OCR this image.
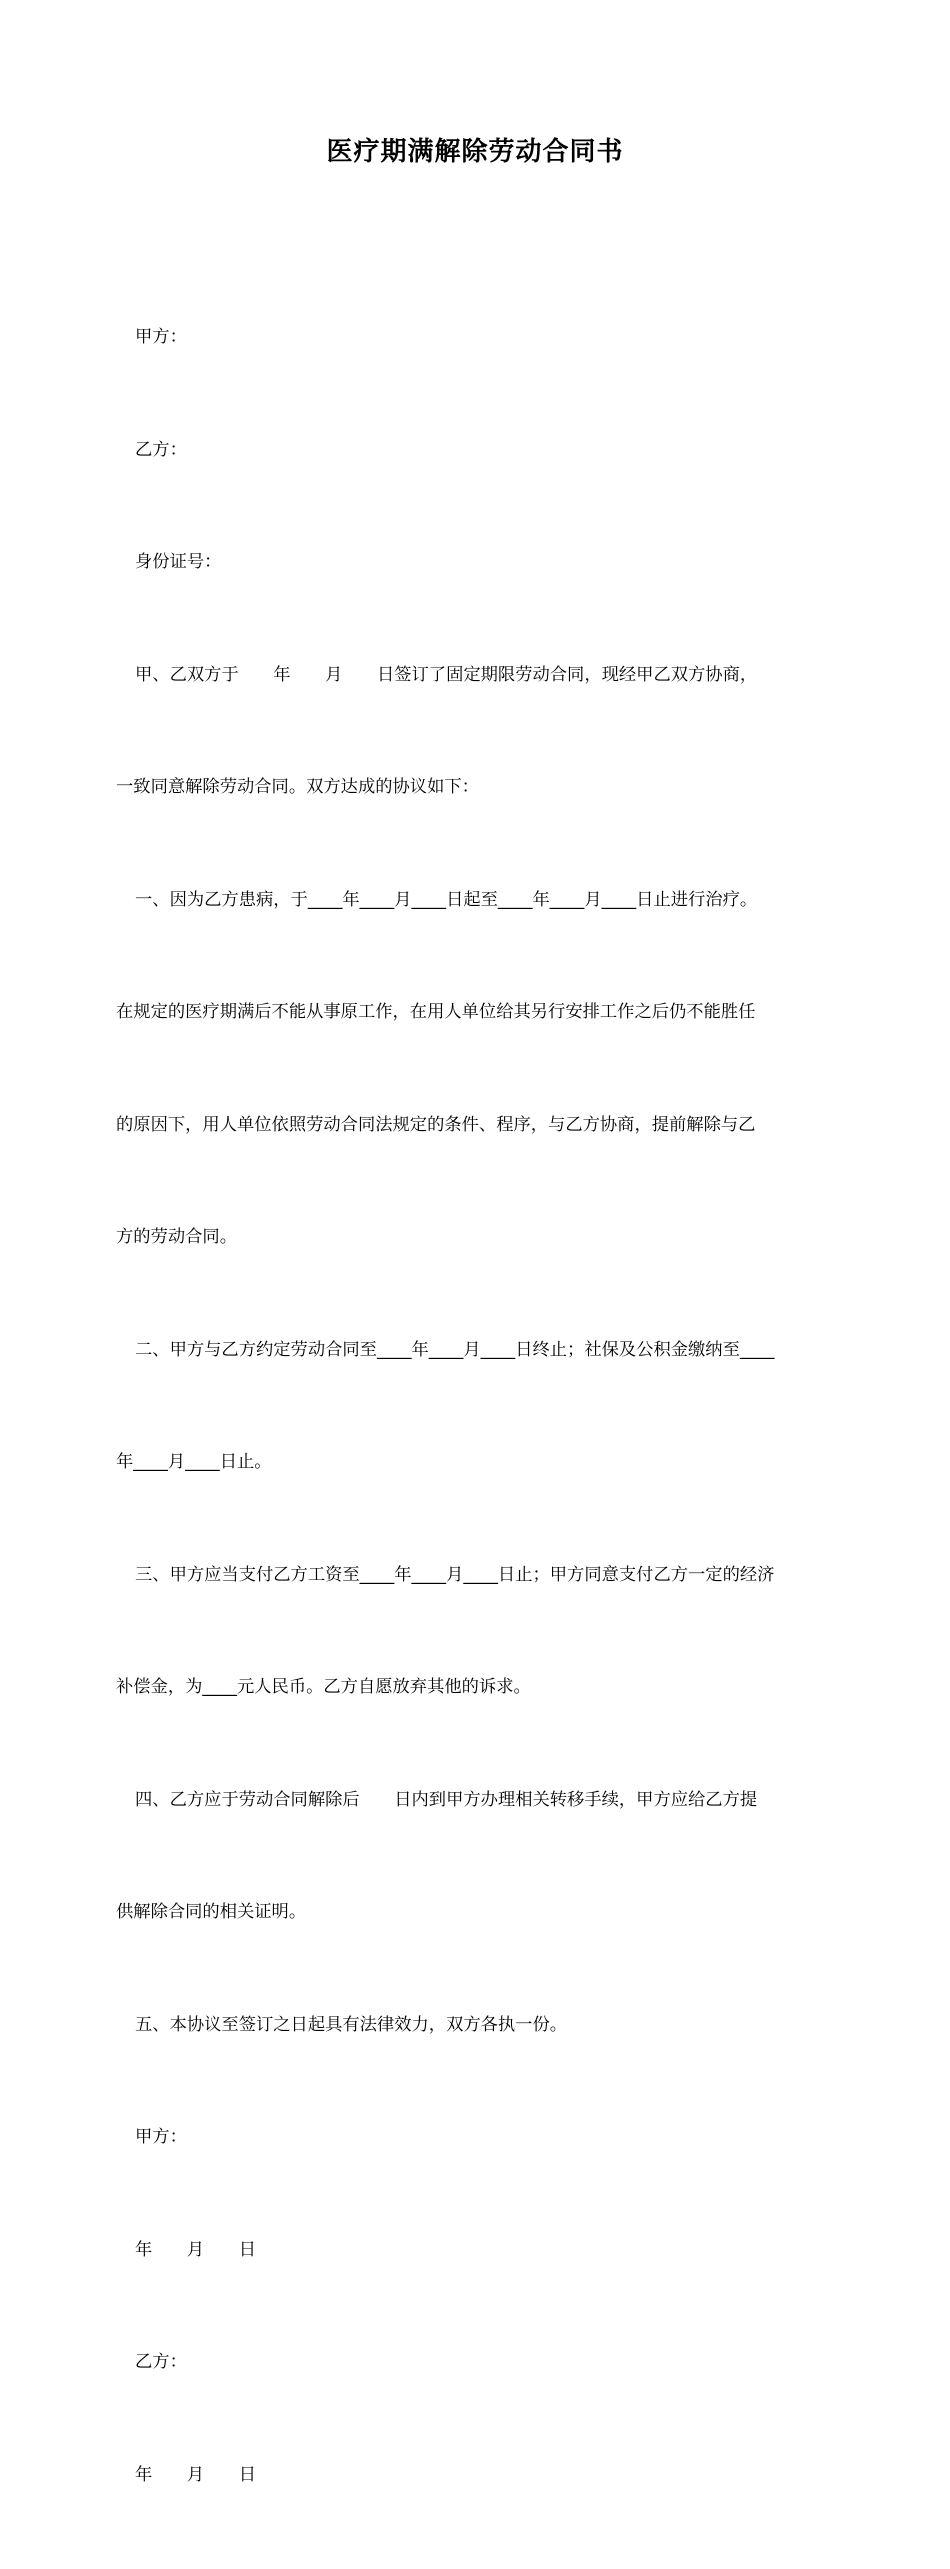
医疗期满解除劳动合同书

甲方：

乙方：

身份证号：

甲、乙双方于　　年　　月　　日签订了固定期限劳动合同，现经甲乙双方协商，

一致同意解除劳动合同。双方达成的协议如下：

一、因为乙方患病，于____年____月____日起至____年____月____日止进行治疗。

在规定的医疗期满后不能从事原工作，在用人单位给其另行安排工作之后仍不能胜任

的原因下，用人单位依照劳动合同法规定的条件、程序，与乙方协商，提前解除与乙

方的劳动合同。

二、甲方与乙方约定劳动合同至____年____月____日终止；社保及公积金缴纳至____

年____月____日止。

三、甲方应当支付乙方工资至____年____月____日止；甲方同意支付乙方一定的经济

补偿金，为____元人民币。乙方自愿放弃其他的诉求。

四、乙方应于劳动合同解除后　　日内到甲方办理相关转移手续，甲方应给乙方提

供解除合同的相关证明。

五、本协议至签订之日起具有法律效力，双方各执一份。

甲方：

年　　月　　日

乙方：

年　　月　　日
